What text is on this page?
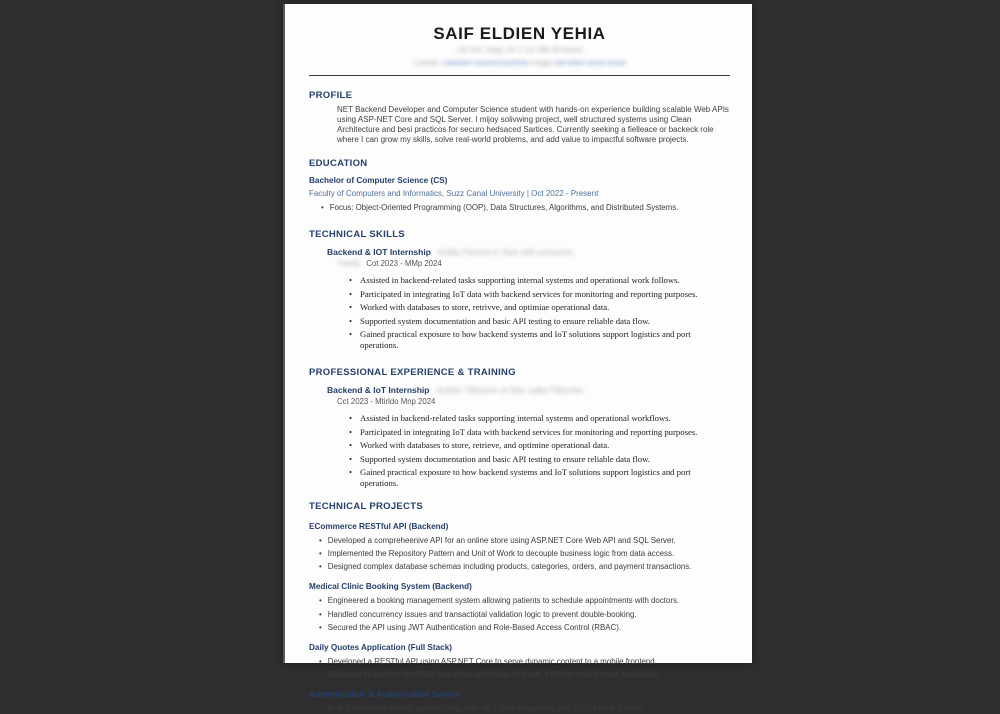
SAIF ELDIEN YEHIA
13d Sok, Dapp i-Dr 1 131 998 4Embraco
Linkedin: saifeldien-backend-portfolio magga saif-eldien-yehia-linked
PROFILE
NET Backend Developer and Computer Science student with hands-on experience building scalable Web APIs using ASP-NET Core and SQL Server. I mijoy solivwing project, well structured systems using Clean Architecture and besi practicos for securo hedsaced Sartices. Currently seeking a fielleace or backeck role where I can grow my skills, solve real-world problems, and add value to impactful software projects.
EDUCATION
Bachelor of Computer Science (CS)
Faculty of Computers and Informatics, Suzz Canal University | Oct 2022 - Present
• Focus: Object-Oriented Programming (OOP), Data Structures, Algorithms, and Distributed Systems.
TECHNICAL SKILLS
Backend & IOT Internship Aniltlu Flenine in Swe with prosseen
Tuarlki Cot 2023 - MMp 2024
• Assisted in backend-related tasks supporting internal systems and operational work follows.
• Participated in integrating IoT data with backend services for monitoring and reporting purposes.
• Worked with databases to store, retrivve, and optimiae operational data.
• Supported system documentation and basic API testing to ensure reliable data flow.
• Gained practical exposure to how backend systems and IoT solutions support logistics and port operations.
PROFESSIONAL EXPERIENCE & TRAINING
Backend & IoT Internship Anittltu Tillsanne at Ster valkp Pilltnchis
Cct 2023 - Mtirldo Mnp 2024
• Assisted in backend-related tasks supporting internal systems and operational workflows.
• Participated in integrating IoT data with backend services for monitoring and reporting purposes.
• Worked with databases to store, retrieve, and optimine operational data.
• Supported system documentation and basic API testing to ensure reliable data flow.
• Gained practical exposure to how backend systems and IoT solutions support logistics and port operations.
TECHNICAL PROJECTS
ECommerce RESTful API (Backend)
• Developed a compreheenive API for an online store using ASP.NET Core Web API and SQL Server.
• Implemented the Repository Pattern and Unit of Work to decouple business logic from data access.
• Designed complex database schemas including products, categories, orders, and payment transactions.
Medical Clinic Booking System (Backend)
• Engineered a booking management system allowing patients to schedule appointments with doctors.
• Handled concurrency issues and transactiotal validation logic to prevent double-booking.
• Secured the API using JWT Authentication and Role-Based Access Control (RBAC).
Daily Quotes Application (Full Stack)
• Developed a RESTful API using ASP.NET Core to serve dynamic content to a mobile frontend.
• Designed endponins forc RUD operations and integrated with a Flutter mobile most application.
Authentication & Authorication Service
• Built a dedicated identity service using ASP NET Core integrating with USON Web Tokens.
